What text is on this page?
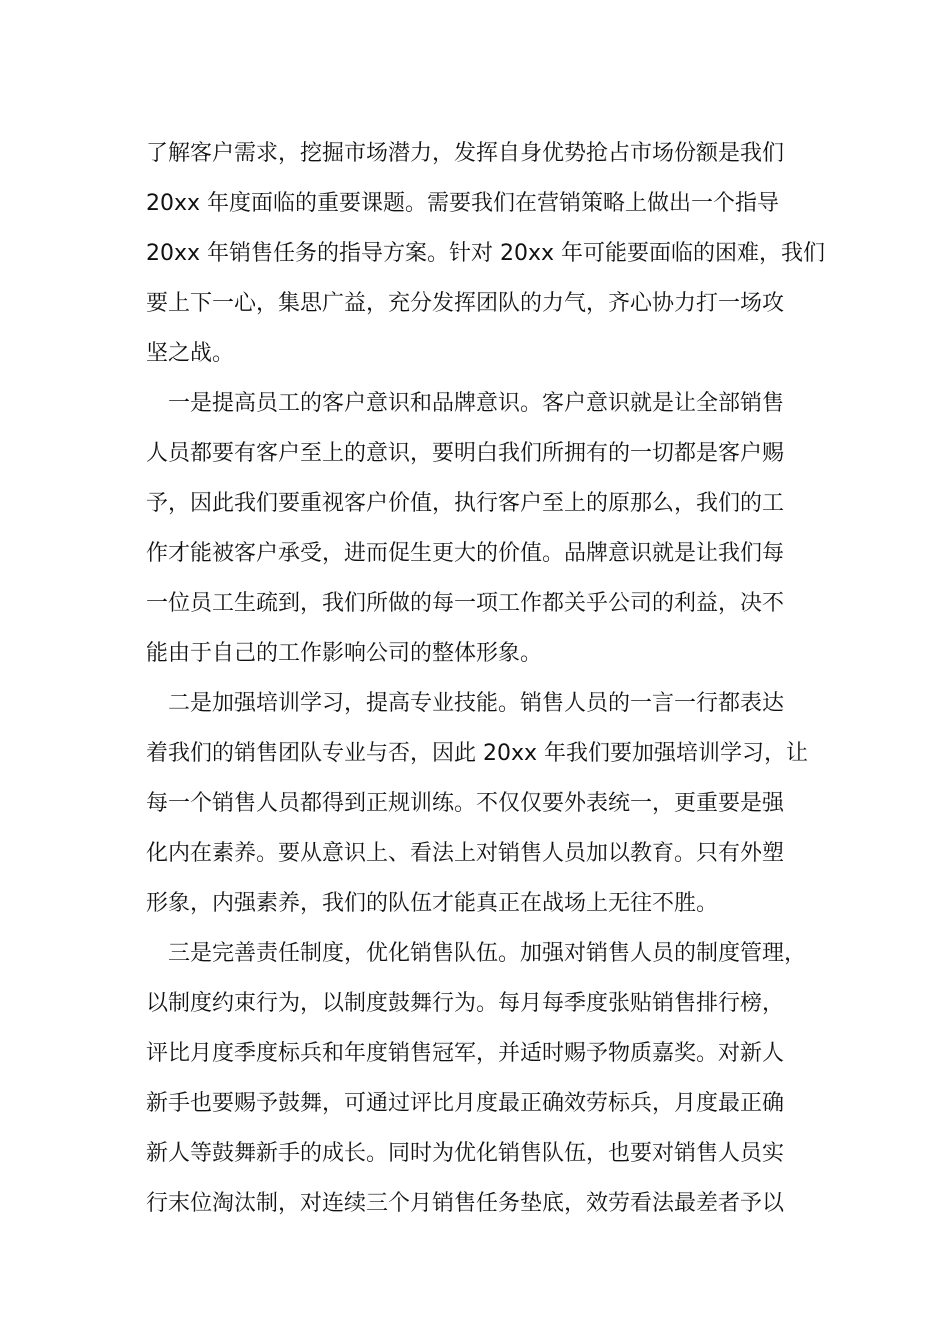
了解客户需求，挖掘市场潜力，发挥自身优势抢占市场份额是我们
20xx 年度面临的重要课题。需要我们在营销策略上做出一个指导
20xx 年销售任务的指导方案。针对 20xx 年可能要面临的困难，我们
要上下一心，集思广益，充分发挥团队的力气，齐心协力打一场攻
坚之战。
一是提高员工的客户意识和品牌意识。客户意识就是让全部销售
人员都要有客户至上的意识，要明白我们所拥有的一切都是客户赐
予，因此我们要重视客户价值，执行客户至上的原那么，我们的工
作才能被客户承受，进而促生更大的价值。品牌意识就是让我们每
一位员工生疏到，我们所做的每一项工作都关乎公司的利益，决不
能由于自己的工作影响公司的整体形象。
二是加强培训学习，提高专业技能。销售人员的一言一行都表达
着我们的销售团队专业与否，因此 20xx 年我们要加强培训学习，让
每一个销售人员都得到正规训练。不仅仅要外表统一，更重要是强
化内在素养。要从意识上、看法上对销售人员加以教育。只有外塑
形象，内强素养，我们的队伍才能真正在战场上无往不胜。
三是完善责任制度，优化销售队伍。加强对销售人员的制度管理，
以制度约束行为，以制度鼓舞行为。每月每季度张贴销售排行榜，
评比月度季度标兵和年度销售冠军，并适时赐予物质嘉奖。对新人
新手也要赐予鼓舞，可通过评比月度最正确效劳标兵，月度最正确
新人等鼓舞新手的成长。同时为优化销售队伍，也要对销售人员实
行末位淘汰制，对连续三个月销售任务垫底，效劳看法最差者予以
